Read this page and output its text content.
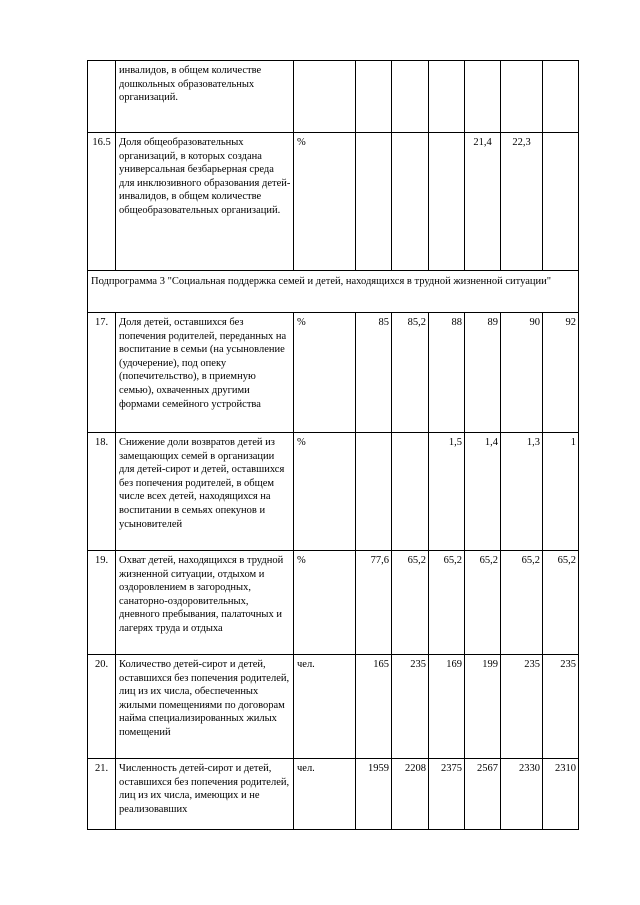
	инвалидов, в общем количестве дошкольных образовательных организаций.							
16.5	Доля общеобразовательных организаций, в которых создана универсальная безбарьерная среда для инклюзивного образования детей-инвалидов, в общем количестве общеобразовательных организаций.	%				21,4	22,3	
Подпрограмма 3 "Социальная поддержка семей и детей, находящихся в трудной жизненной ситуации"								
17.	Доля детей, оставшихся без попечения родителей, переданных на воспитание в семьи (на усыновление (удочерение), под опеку (попечительство), в приемную семью), охваченных другими формами семейного устройства	%	85	85,2	88	89	90	92
18.	Снижение доли возвратов детей из замещающих семей в организации для детей-сирот и детей, оставшихся без попечения родителей, в общем числе всех детей, находящихся на воспитании в семьях опекунов и усыновителей	%			1,5	1,4	1,3	1
19.	Охват детей, находящихся в трудной жизненной ситуации, отдыхом и оздоровлением в загородных, санаторно-оздоровительных, дневного пребывания, палаточных и лагерях труда и отдыха	%	77,6	65,2	65,2	65,2	65,2	65,2
20.	Количество детей-сирот и детей, оставшихся без попечения родителей, лиц из их числа, обеспеченных жилыми помещениями по договорам найма специализированных жилых помещений	чел.	165	235	169	199	235	235
21.	Численность детей-сирот и детей, оставшихся без попечения родителей, лиц из их числа, имеющих и не реализовавших	чел.	1959	2208	2375	2567	2330	2310
